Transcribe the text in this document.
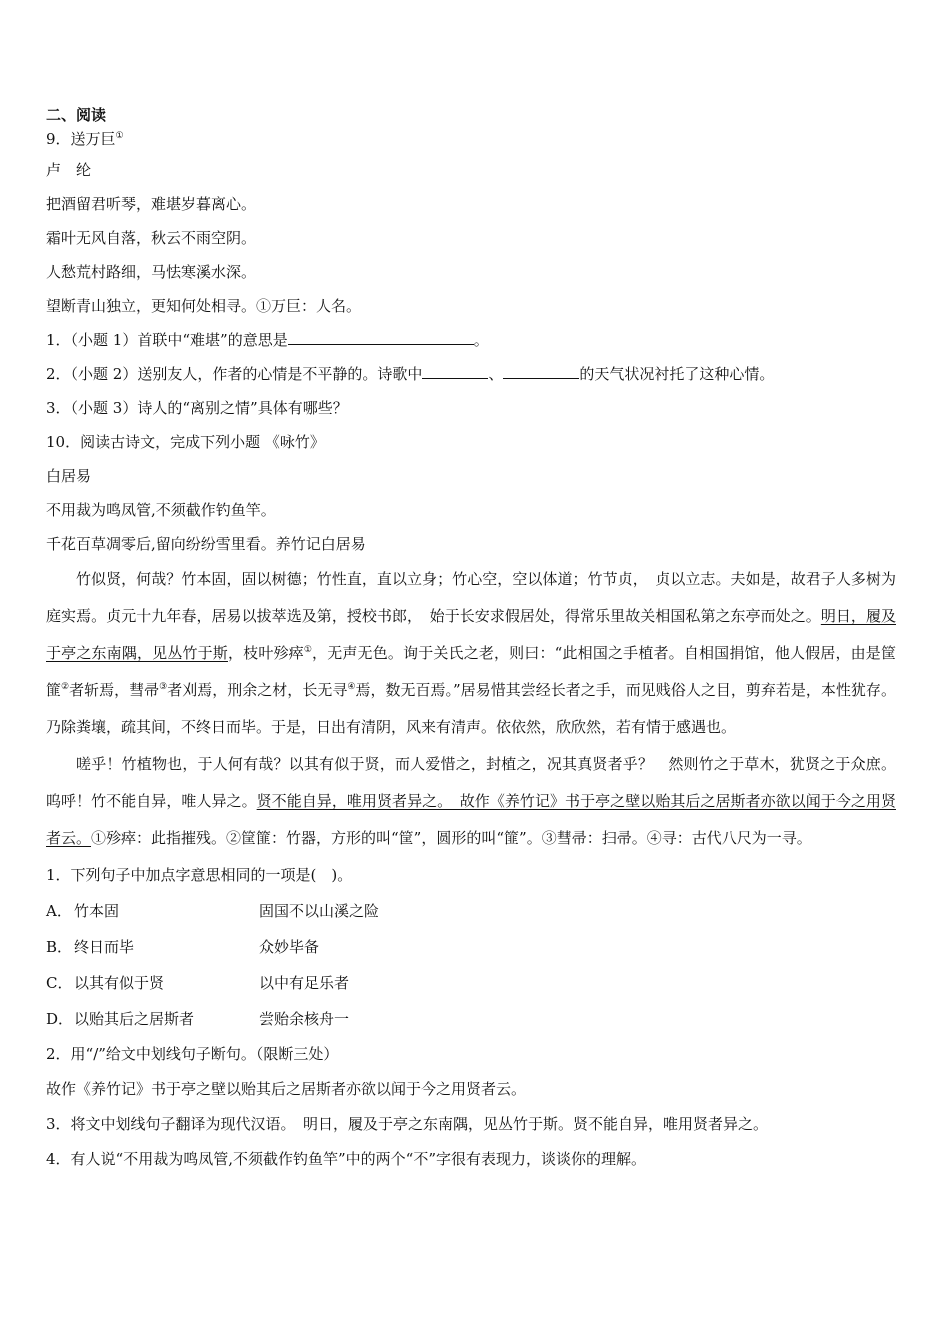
二、阅读
9．送万巨①
卢　纶
把酒留君听琴，难堪岁暮离心。
霜叶无风自落，秋云不雨空阴。
人愁荒村路细，马怯寒溪水深。
望断青山独立，更知何处相寻。①万巨：人名。
1．（小题 1）首联中“难堪”的意思是	。
2．（小题 2）送别友人，作者的心情是不平静的。诗歌中	、	的天气状况衬托了这种心情。
3．（小题 3）诗人的“离别之情”具体有哪些？
10．阅读古诗文，完成下列小题 《咏竹》
白居易
不用裁为鸣凤管,不须截作钓鱼竿。
千花百草凋零后,留向纷纷雪里看。养竹记白居易

竹似贤，何哉？竹本固，固以树德；竹性直，直以立身；竹心空，空以体道；竹节贞，　贞以立志。夫如是，故君子人多树为庭实焉。贞元十九年春，居易以拔萃选及第，授校书郎，　始于长安求假居处，得常乐里故关相国私第之东亭而处之。明日，履及于亭之东南隅，见丛竹于斯，枝叶殄瘁①，无声无色。询于关氏之老，则曰：“此相国之手植者。自相国捐馆，他人假居，由是筐篚②者斩焉，彗帚③者刈焉，刑余之材，长无寻④焉，数无百焉。”居易惜其尝经长者之手，而见贱俗人之目，剪弃若是，本性犹存。乃除粪壤，疏其间，不终日而毕。于是，日出有清阴，风来有清声。依依然，欣欣然，若有情于感遇也。

嗟乎！竹植物也，于人何有哉？以其有似于贤，而人爱惜之，封植之，况其真贤者乎？　然则竹之于草木，犹贤之于众庶。呜呼！竹不能自异，唯人异之。贤不能自异，唯用贤者异之。　故作《养竹记》书于亭之壁以贻其后之居斯者亦欲以闻于今之用贤者云。①殄瘁：此指摧残。②筐篚：竹器，方形的叫“筐”，圆形的叫“篚”。③彗帚：扫帚。④寻：古代八尺为一寻。

1．下列句子中加点字意思相同的一项是(　)。
A． 竹本固	固国不以山溪之险
B． 终日而毕	众妙毕备
C． 以其有似于贤	以中有足乐者
D． 以贻其后之居斯者	尝贻余核舟一
2．用“/”给文中划线句子断句。（限断三处）
故作《养竹记》书于亭之壁以贻其后之居斯者亦欲以闻于今之用贤者云。
3．将文中划线句子翻译为现代汉语。　明日，履及于亭之东南隅，见丛竹于斯。贤不能自异，唯用贤者异之。
4．有人说“不用裁为鸣凤管,不须截作钓鱼竿”中的两个“不”字很有表现力，谈谈你的理解。
